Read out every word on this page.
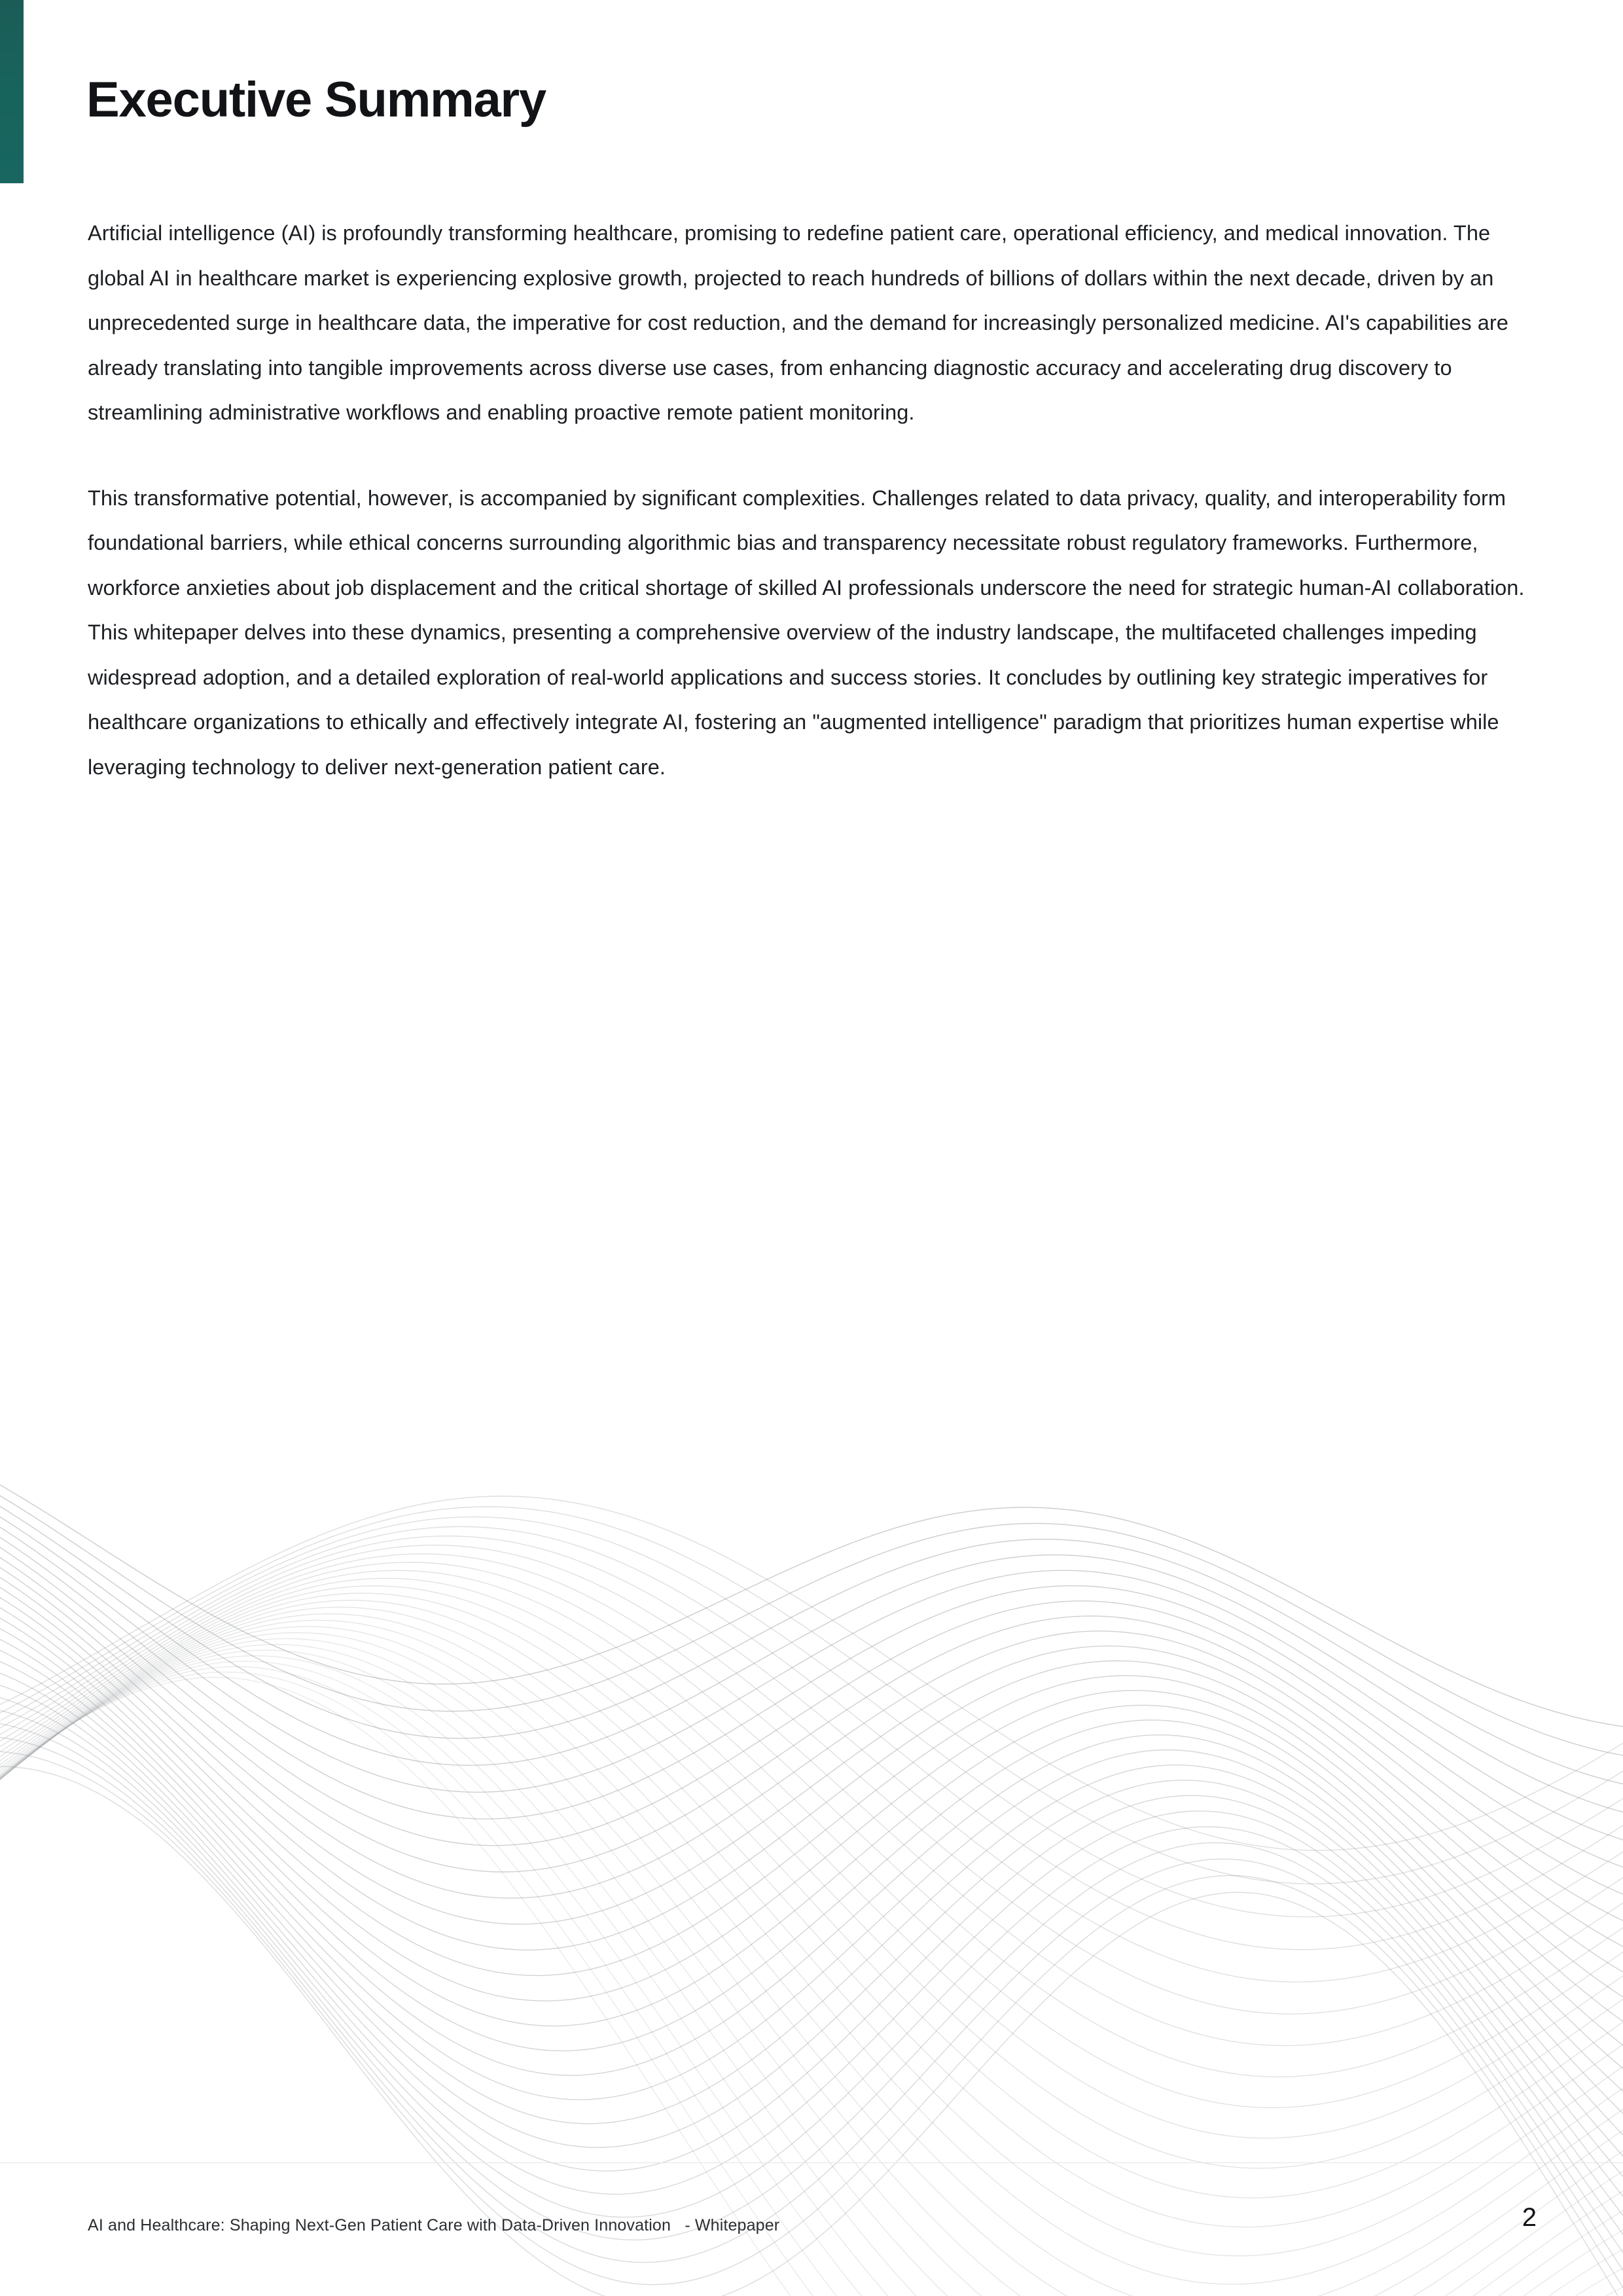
Executive Summary

Artificial intelligence (AI) is profoundly transforming healthcare, promising to redefine patient care, operational efficiency, and medical innovation. The global AI in healthcare market is experiencing explosive growth, projected to reach hundreds of billions of dollars within the next decade, driven by an unprecedented surge in healthcare data, the imperative for cost reduction, and the demand for increasingly personalized medicine. AI's capabilities are already translating into tangible improvements across diverse use cases, from enhancing diagnostic accuracy and accelerating drug discovery to streamlining administrative workflows and enabling proactive remote patient monitoring.

This transformative potential, however, is accompanied by significant complexities. Challenges related to data privacy, quality, and interoperability form foundational barriers, while ethical concerns surrounding algorithmic bias and transparency necessitate robust regulatory frameworks. Furthermore, workforce anxieties about job displacement and the critical shortage of skilled AI professionals underscore the need for strategic human-AI collaboration. This whitepaper delves into these dynamics, presenting a comprehensive overview of the industry landscape, the multifaceted challenges impeding widespread adoption, and a detailed exploration of real-world applications and success stories. It concludes by outlining key strategic imperatives for healthcare organizations to ethically and effectively integrate AI, fostering an "augmented intelligence" paradigm that prioritizes human expertise while leveraging technology to deliver next-generation patient care.

AI and Healthcare: Shaping Next-Gen Patient Care with Data-Driven Innovation   - Whitepaper	2
